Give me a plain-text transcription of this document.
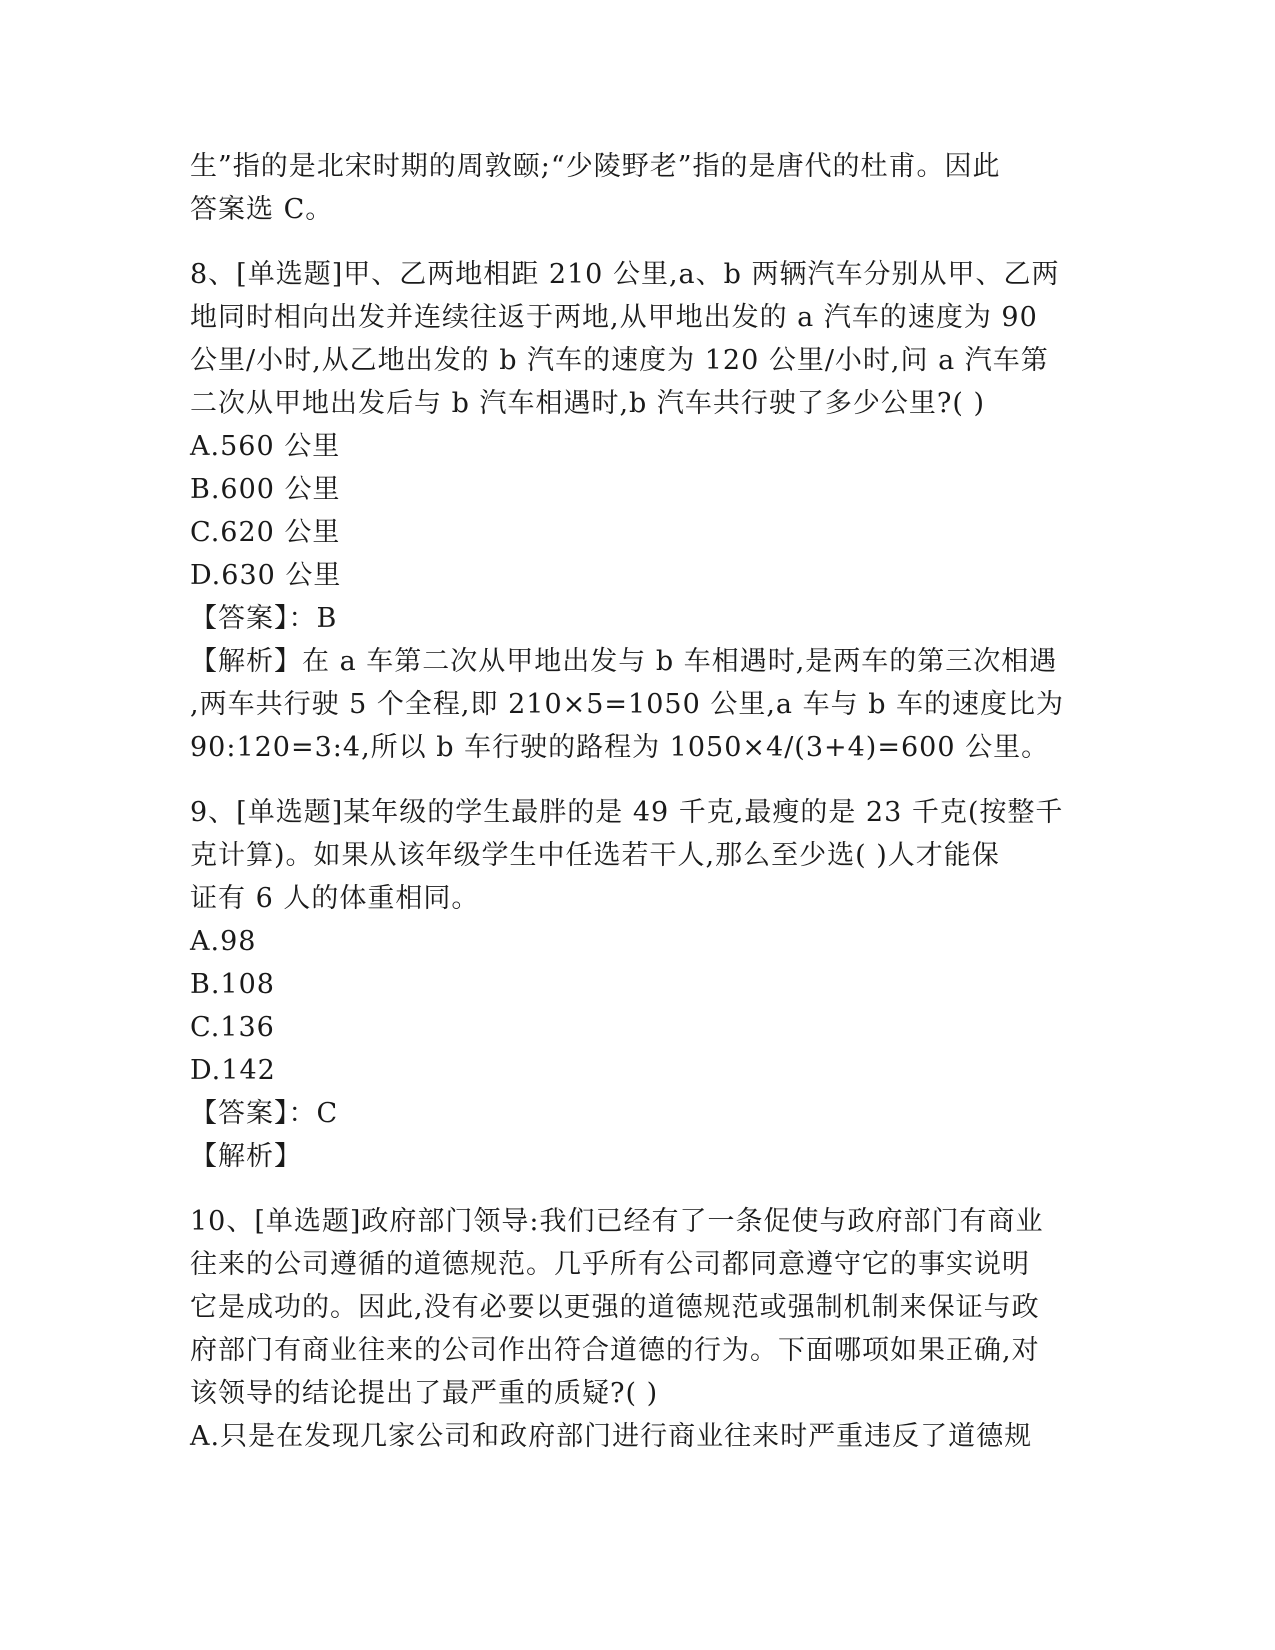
生”指的是北宋时期的周敦颐;“少陵野老”指的是唐代的杜甫。因此
答案选 C。
8、[单选题]甲、乙两地相距 210 公里,a、b 两辆汽车分别从甲、乙两
地同时相向出发并连续往返于两地,从甲地出发的 a 汽车的速度为 90
公里/小时,从乙地出发的 b 汽车的速度为 120 公里/小时,问 a 汽车第
二次从甲地出发后与 b 汽车相遇时,b 汽车共行驶了多少公里?( )
A.560 公里
B.600 公里
C.620 公里
D.630 公里
【答案】：B
【解析】在 a 车第二次从甲地出发与 b 车相遇时,是两车的第三次相遇
,两车共行驶 5 个全程,即 210×5=1050 公里,a 车与 b 车的速度比为
90:120=3:4,所以 b 车行驶的路程为 1050×4/(3+4)=600 公里。
9、[单选题]某年级的学生最胖的是 49 千克,最瘦的是 23 千克(按整千
克计算)。如果从该年级学生中任选若干人,那么至少选( )人才能保
证有 6 人的体重相同。
A.98
B.108
C.136
D.142
【答案】：C
【解析】
10、[单选题]政府部门领导:我们已经有了一条促使与政府部门有商业
往来的公司遵循的道德规范。几乎所有公司都同意遵守它的事实说明
它是成功的。因此,没有必要以更强的道德规范或强制机制来保证与政
府部门有商业往来的公司作出符合道德的行为。下面哪项如果正确,对
该领导的结论提出了最严重的质疑?( )
A.只是在发现几家公司和政府部门进行商业往来时严重违反了道德规
